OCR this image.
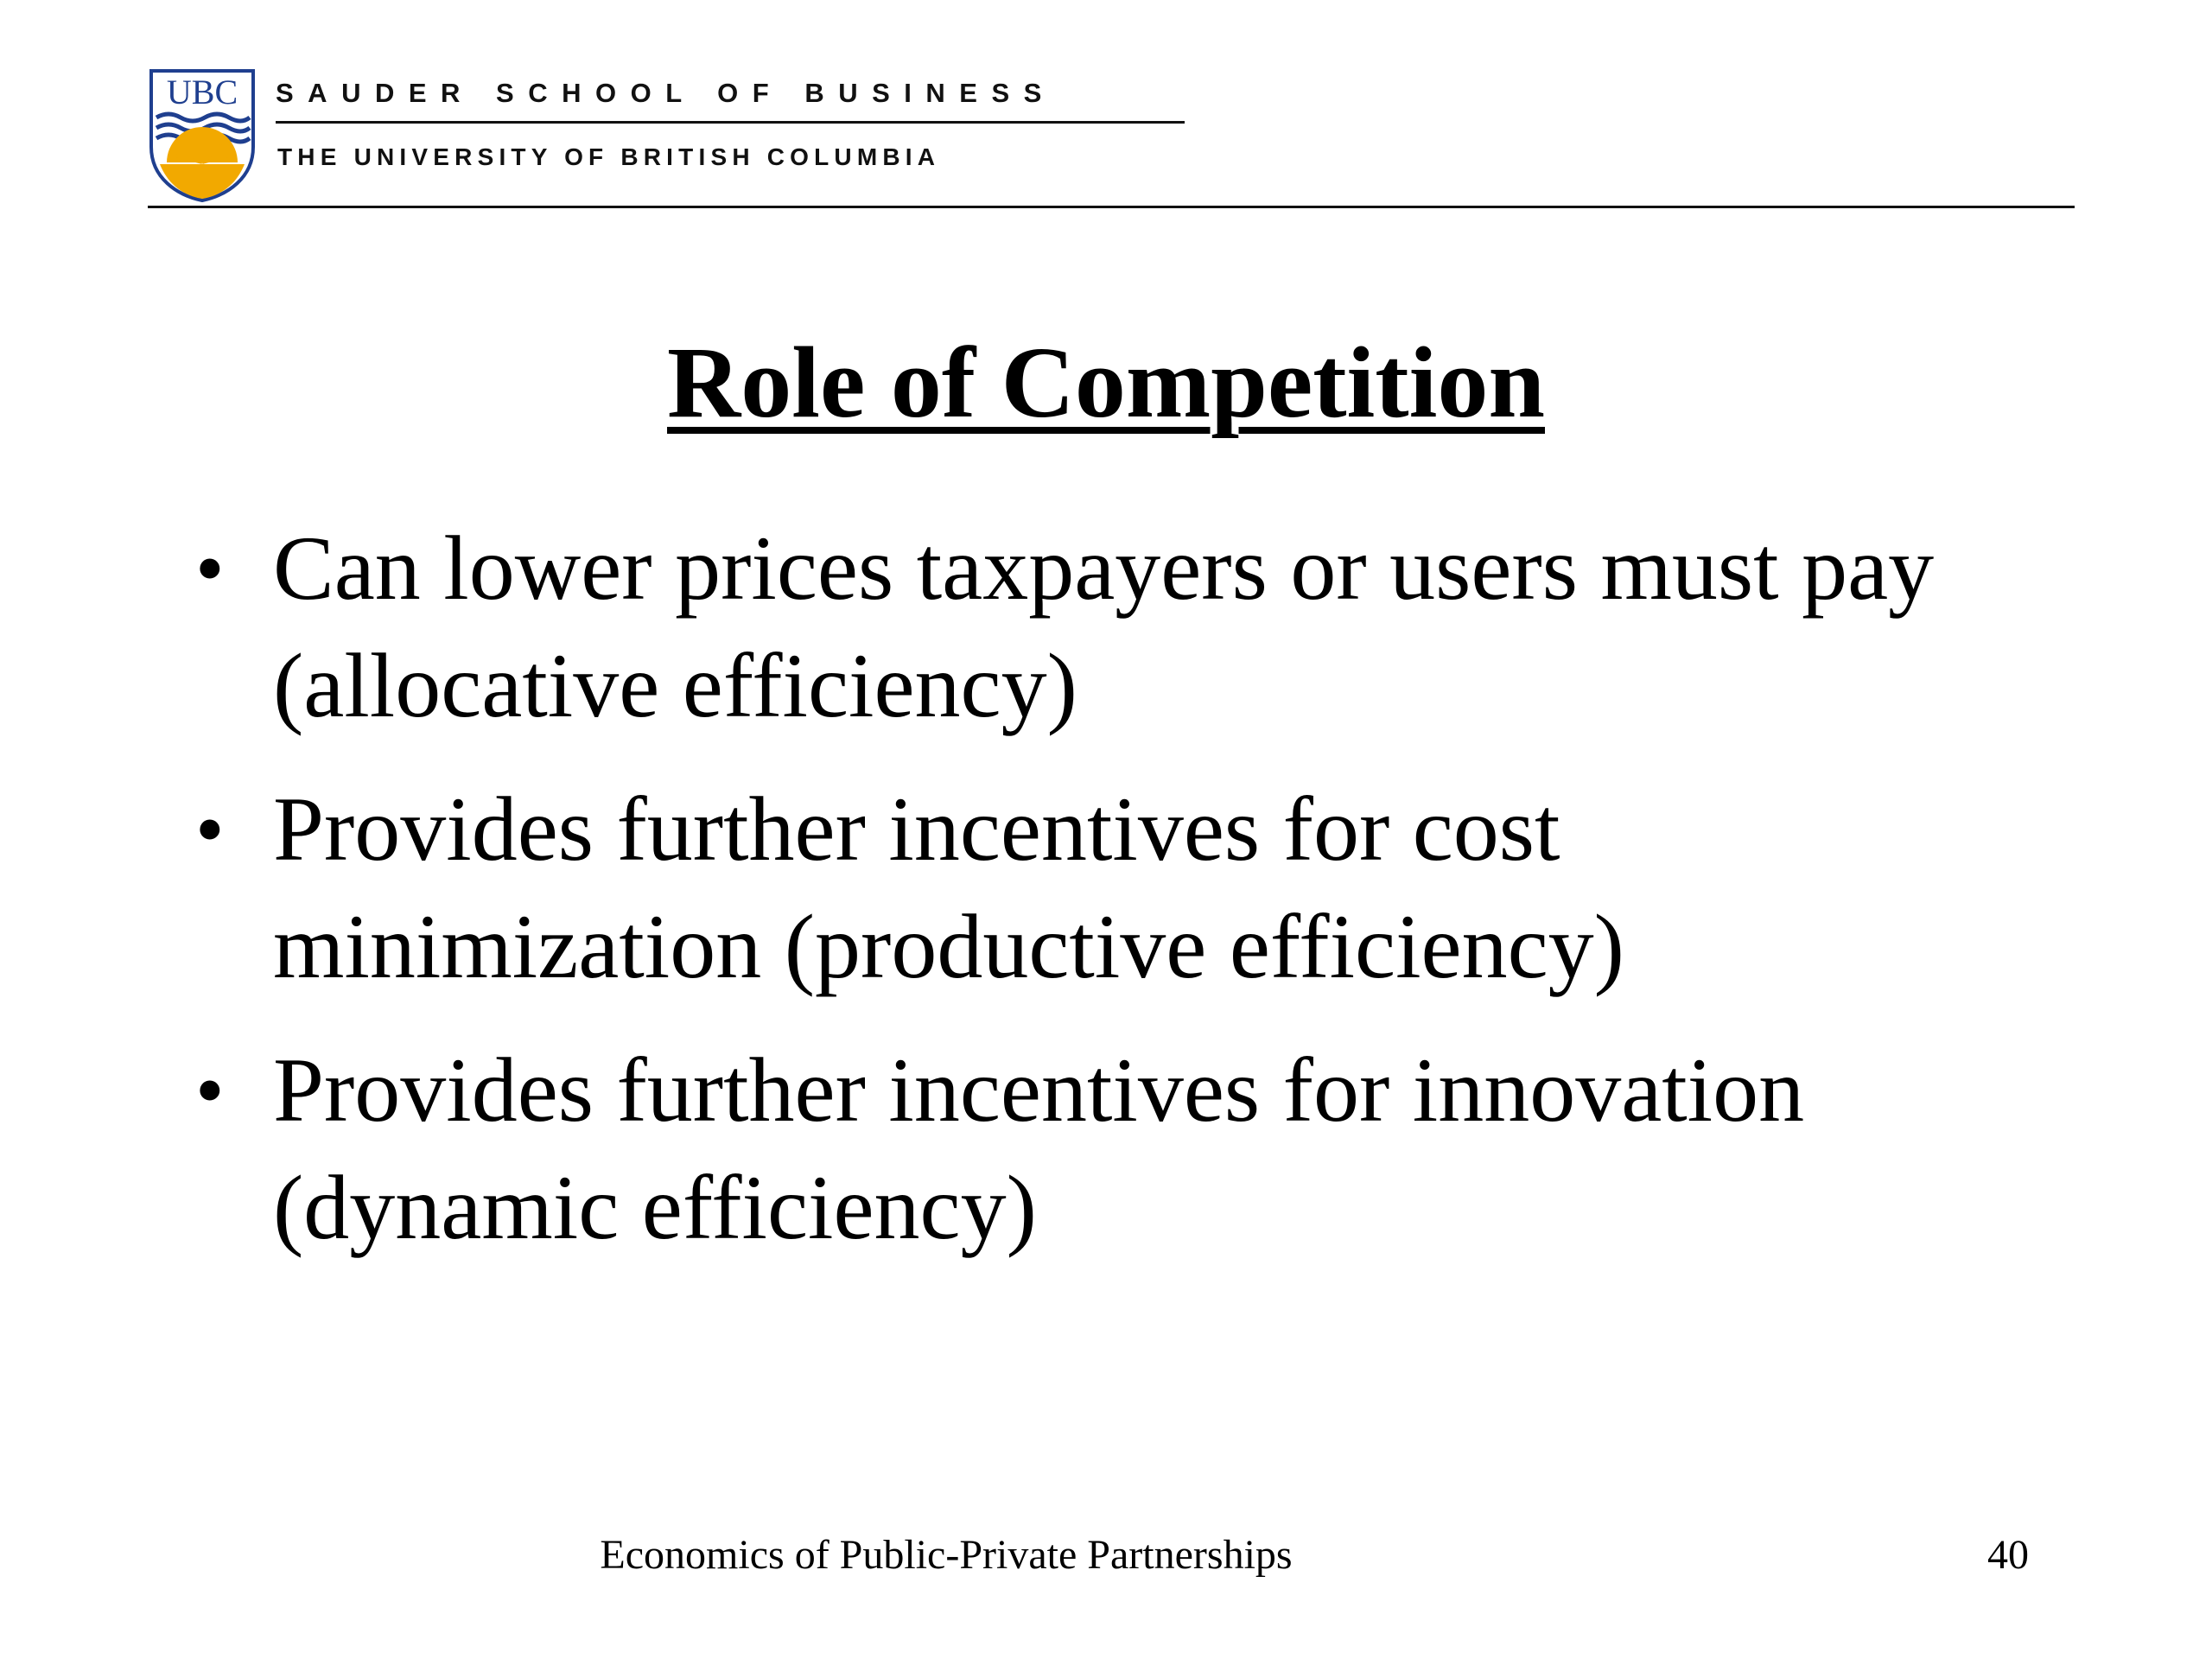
UBC SAUDER SCHOOL OF BUSINESS
THE UNIVERSITY OF BRITISH COLUMBIA
Role of Competition
• Can lower prices taxpayers or users must pay (allocative efficiency)
• Provides further incentives for cost minimization (productive efficiency)
• Provides further incentives for innovation (dynamic efficiency)
Economics of Public-Private Partnerships	40
